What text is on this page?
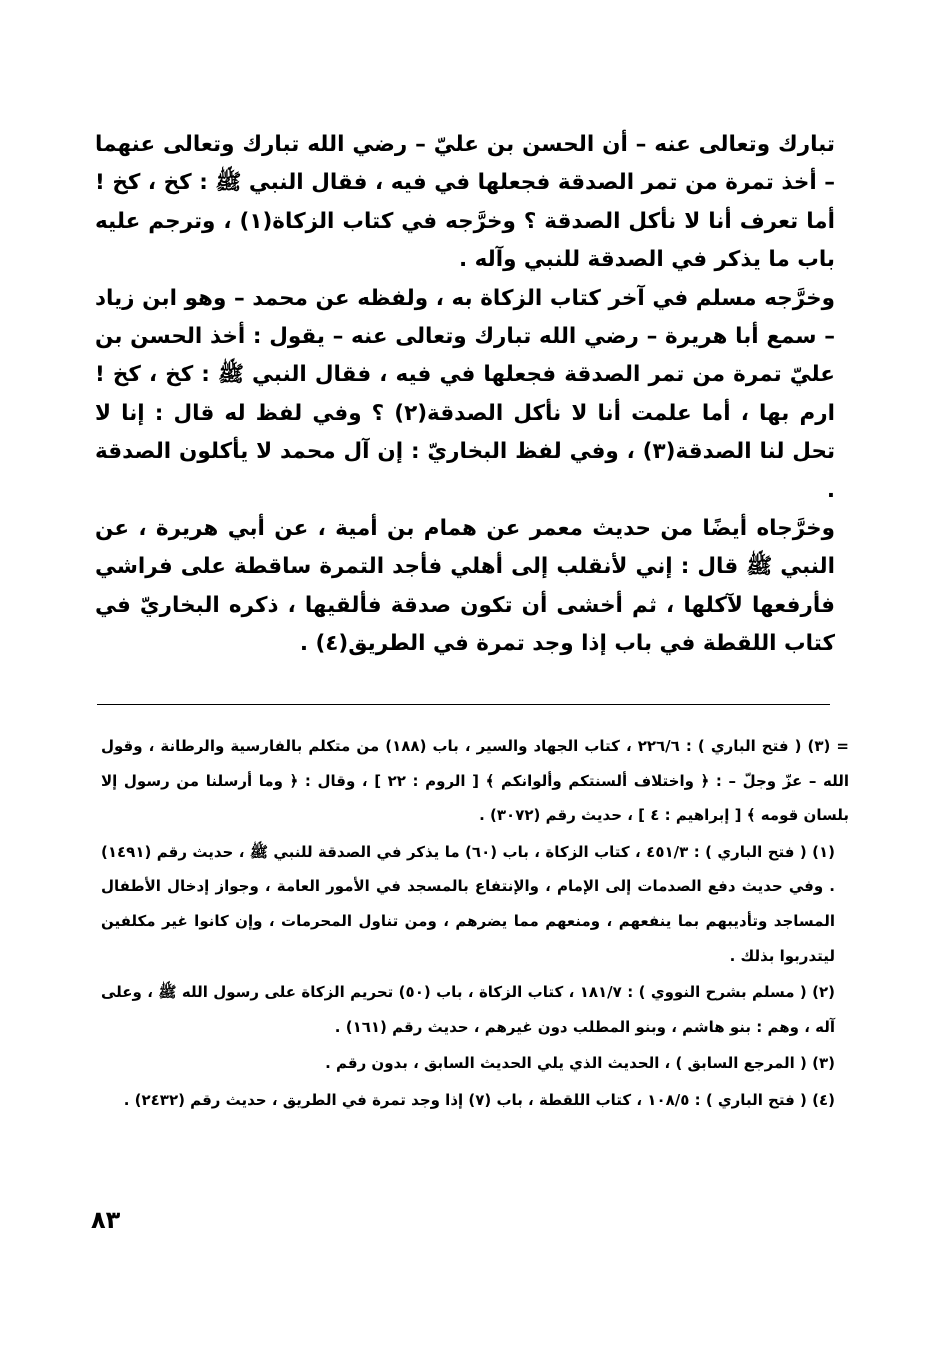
تبارك وتعالى عنه – أن الحسن بن عليّ – رضي الله تبارك وتعالى عنهما – أخذ تمرة من تمر الصدقة فجعلها في فيه ، فقال النبي ﷺ : كخ ، كخ ! أما تعرف أنا لا نأكل الصدقة ؟ وخرَّجه في كتاب الزكاة(١) ، وترجم عليه باب ما يذكر في الصدقة للنبي وآله .

وخرَّجه مسلم في آخر كتاب الزكاة به ، ولفظه عن محمد – وهو ابن زياد – سمع أبا هريرة – رضي الله تبارك وتعالى عنه – يقول : أخذ الحسن بن عليّ تمرة من تمر الصدقة فجعلها في فيه ، فقال النبي ﷺ : كخ ، كخ ! ارم بها ، أما علمت أنا لا نأكل الصدقة(٢) ؟ وفي لفظ له قال : إنا لا تحل لنا الصدقة(٣) ، وفي لفظ البخاريّ : إن آل محمد لا يأكلون الصدقة .

وخرَّجاه أيضًا من حديث معمر عن همام بن أمية ، عن أبي هريرة ، عن النبي ﷺ قال : إني لأنقلب إلى أهلي فأجد التمرة ساقطة على فراشي فأرفعها لآكلها ، ثم أخشى أن تكون صدقة فألقيها ، ذكره البخاريّ في كتاب اللقطة في باب إذا وجد تمرة في الطريق(٤) .

= (٣) ( فتح الباري ) : ٢٢٦/٦ ، كتاب الجهاد والسير ، باب (١٨٨) من متكلم بالفارسية والرطانة ، وقول الله – عزّ وجلّ – : ﴿ واختلاف ألسنتكم وألوانكم ﴾ [ الروم : ٢٢ ] ، وقال : ﴿ وما أرسلنا من رسول إلا بلسان قومه ﴾ [ إبراهيم : ٤ ] ، حديث رقم (٣٠٧٢) .

(١) ( فتح الباري ) : ٤٥١/٣ ، كتاب الزكاة ، باب (٦٠) ما يذكر في الصدقة للنبي ﷺ ، حديث رقم (١٤٩١) . وفي حديث دفع الصدمات إلى الإمام ، والإنتفاع بالمسجد في الأمور العامة ، وجواز إدخال الأطفال المساجد وتأديبهم بما ينفعهم ، ومنعهم مما يضرهم ، ومن تناول المحرمات ، وإن كانوا غير مكلفين ليتدربوا بذلك .

(٢) ( مسلم بشرح النووي ) : ١٨١/٧ ، كتاب الزكاة ، باب (٥٠) تحريم الزكاة على رسول الله ﷺ ، وعلى آله ، وهم : بنو هاشم ، وبنو المطلب دون غيرهم ، حديث رقم (١٦١) .

(٣) ( المرجع السابق ) ، الحديث الذي يلي الحديث السابق ، بدون رقم .

(٤) ( فتح الباري ) : ١٠٨/٥ ، كتاب اللقطة ، باب (٧) إذا وجد تمرة في الطريق ، حديث رقم (٢٤٣٢) .

٨٣
